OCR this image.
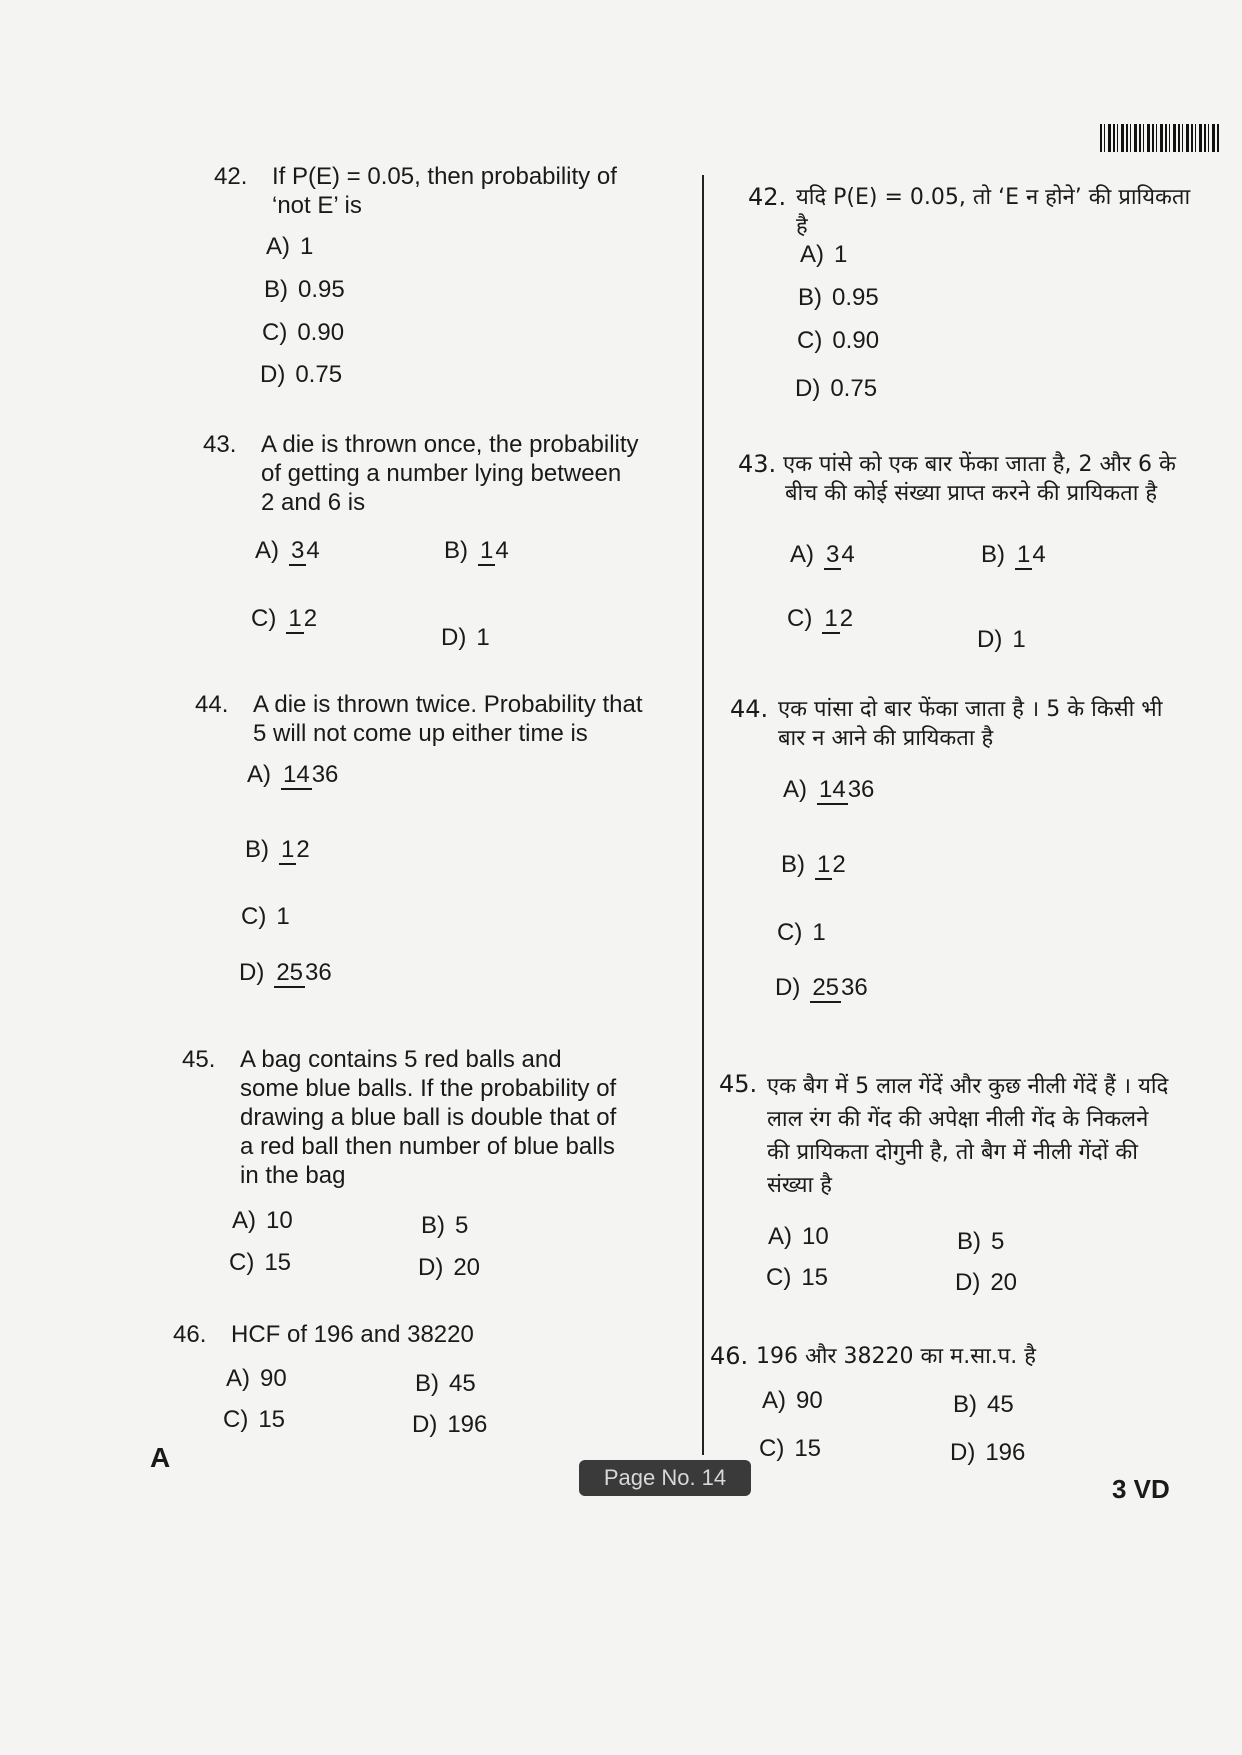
42. If P(E) = 0.05, then probability of
‘not E’ is
A) 1
B) 0.95
C) 0.90
D) 0.75
43. A die is thrown once, the probability
of getting a number lying between
2 and 6 is
A) 34	B) 14
C) 12
D) 1
44. A die is thrown twice. Probability that
5 will not come up either time is
A) 1436
B) 12
C) 1
D) 2536
45. A bag contains 5 red balls and
some blue balls. If the probability of
drawing a blue ball is double that of
a red ball then number of blue balls
in the bag
A) 10	B) 5
C) 15	D) 20
46. HCF of 196 and 38220
A) 90	B) 45
C) 15	D) 196
42. यदि P(E) = 0.05, तो ‘E न होने’ की प्रायिकता है
A) 1
B) 0.95
C) 0.90
D) 0.75
43. एक पांसे को एक बार फेंका जाता है, 2 और 6 के
बीच की कोई संख्या प्राप्त करने की प्रायिकता है
A) 34	B) 14
C) 12
D) 1
44. एक पांसा दो बार फेंका जाता है । 5 के किसी भी
बार न आने की प्रायिकता है
A) 1436
B) 12
C) 1
D) 2536
45. एक बैग में 5 लाल गेंदें और कुछ नीली गेंदें हैं । यदि
लाल रंग की गेंद की अपेक्षा नीली गेंद के निकलने
की प्रायिकता दोगुनी है, तो बैग में नीली गेंदों की
संख्या है
A) 10	B) 5
C) 15	D) 20
46. 196 और 38220 का म.सा.प. है
A) 90	B) 45
C) 15	D) 196
A
Page No. 14	3 VD
